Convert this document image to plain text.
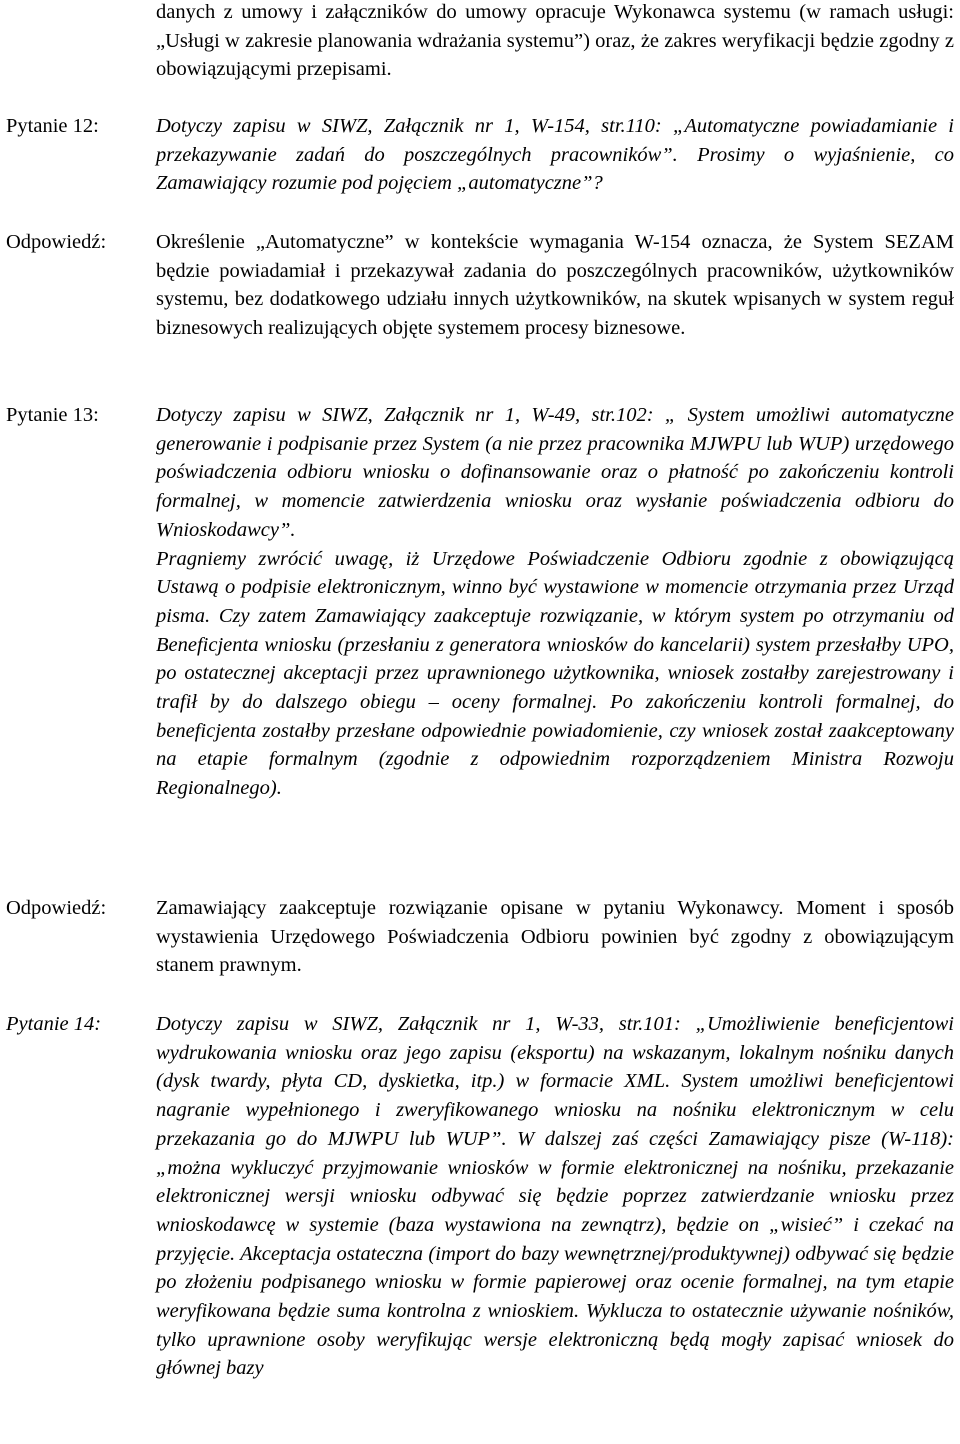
danych z umowy i załączników do umowy opracuje Wykonawca systemu (w ramach usługi: „Usługi w zakresie planowania wdrażania systemu”) oraz, że zakres weryfikacji będzie zgodny z obowiązującymi przepisami.
Pytanie 12:	Dotyczy zapisu w SIWZ, Załącznik nr 1, W-154, str.110: „Automatyczne powiadamianie i przekazywanie zadań do poszczególnych pracowników”. Prosimy o wyjaśnienie, co Zamawiający rozumie pod pojęciem „automatyczne”?
Odpowiedź: Określenie „Automatyczne” w kontekście wymagania W-154 oznacza, że System SEZAM będzie powiadamiał i przekazywał zadania do poszczególnych pracowników, użytkowników systemu, bez dodatkowego udziału innych użytkowników, na skutek wpisanych w system reguł biznesowych realizujących objęte systemem procesy biznesowe.
Pytanie 13:	Dotyczy zapisu w SIWZ, Załącznik nr 1, W-49, str.102: „ System umożliwi automatyczne generowanie i podpisanie przez System (a nie przez pracownika MJWPU lub WUP) urzędowego poświadczenia odbioru wniosku o dofinansowanie oraz o płatność po zakończeniu kontroli formalnej, w momencie zatwierdzenia wniosku oraz wysłanie poświadczenia odbioru do Wnioskodawcy”.

Pragniemy zwrócić uwagę, iż Urzędowe Poświadczenie Odbioru zgodnie z obowiązującą Ustawą o podpisie elektronicznym, winno być wystawione w momencie otrzymania przez Urząd pisma. Czy zatem Zamawiający zaakceptuje rozwiązanie, w którym system po otrzymaniu od Beneficjenta wniosku (przesłaniu z generatora wniosków do kancelarii) system przesłałby UPO, po ostatecznej akceptacji przez uprawnionego użytkownika, wniosek zostałby zarejestrowany i trafił by do dalszego obiegu – oceny formalnej. Po zakończeniu kontroli formalnej, do beneficjenta zostałby przesłane odpowiednie powiadomienie, czy wniosek został zaakceptowany na etapie formalnym (zgodnie z odpowiednim rozporządzeniem Ministra Rozwoju Regionalnego).

Odpowiedź: Zamawiający zaakceptuje rozwiązanie opisane w pytaniu Wykonawcy. Moment i sposób wystawienia Urzędowego Poświadczenia Odbioru powinien być zgodny z obowiązującym stanem prawnym.
Pytanie 14:	Dotyczy zapisu w SIWZ, Załącznik nr 1, W-33, str.101: „Umożliwienie beneficjentowi wydrukowania wniosku oraz jego zapisu (eksportu) na wskazanym, lokalnym nośniku danych (dysk twardy, płyta CD, dyskietka, itp.) w formacie XML. System umożliwi beneficjentowi nagranie wypełnionego i zweryfikowanego wniosku na nośniku elektronicznym w celu przekazania go do MJWPU lub WUP”. W dalszej zaś części Zamawiający pisze (W-118): „można wykluczyć przyjmowanie wniosków w formie elektronicznej na nośniku, przekazanie elektronicznej wersji wniosku odbywać się będzie poprzez zatwierdzanie wniosku przez wnioskodawcę w systemie (baza wystawiona na zewnątrz), będzie on „wisieć” i czekać na przyjęcie. Akceptacja ostateczna (import do bazy wewnętrznej/produktywnej) odbywać się będzie po złożeniu podpisanego wniosku w formie papierowej oraz ocenie formalnej, na tym etapie weryfikowana będzie suma kontrolna z wnioskiem. Wyklucza to ostatecznie używanie nośników, tylko uprawnione osoby weryfikując wersje elektroniczną będą mogły zapisać wniosek do głównej bazy
